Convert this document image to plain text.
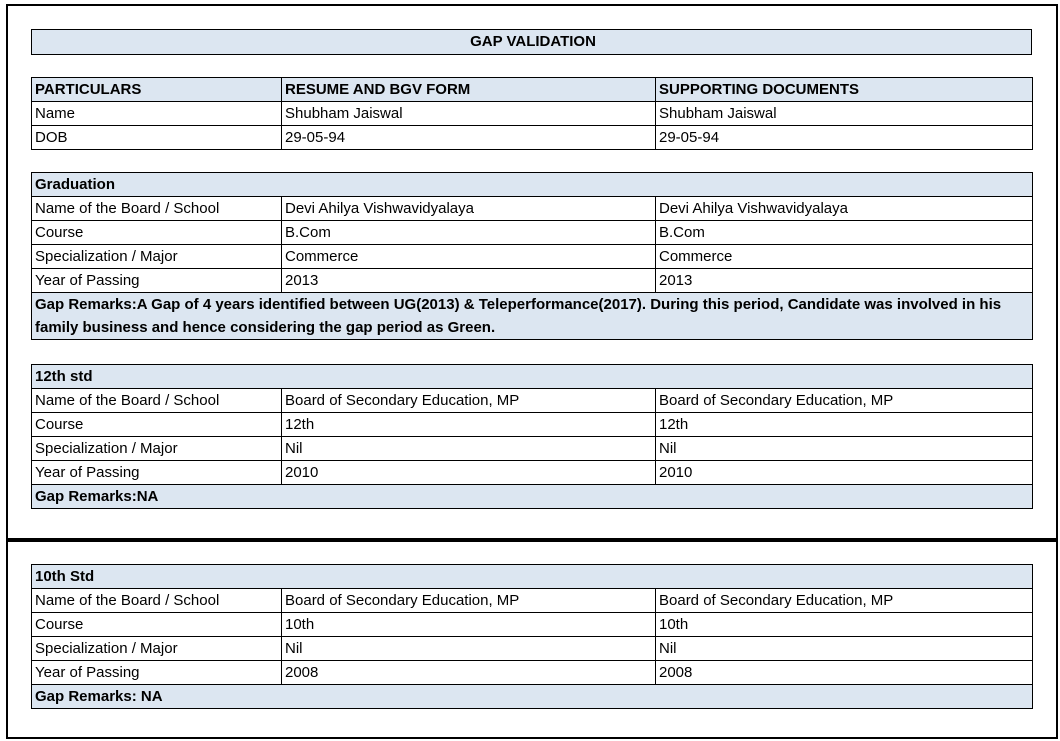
GAP VALIDATION
PARTICULARS	RESUME AND BGV FORM	SUPPORTING DOCUMENTS
Name	Shubham Jaiswal	Shubham Jaiswal
DOB	29-05-94	29-05-94
Graduation		
Name of the Board / School	Devi Ahilya Vishwavidyalaya	Devi Ahilya Vishwavidyalaya
Course	B.Com	B.Com
Specialization / Major	Commerce	Commerce
Year of Passing	2013	2013
Gap Remarks:A Gap of 4 years identified between UG(2013) & Teleperformance(2017). During this period, Candidate was involved in his family business and hence considering the gap period as Green.		
12th std		
Name of the Board / School	Board of Secondary Education, MP	Board of Secondary Education, MP
Course	12th	12th
Specialization / Major	Nil	Nil
Year of Passing	2010	2010
Gap Remarks:NA		
10th Std		
Name of the Board / School	Board of Secondary Education, MP	Board of Secondary Education, MP
Course	10th	10th
Specialization / Major	Nil	Nil
Year of Passing	2008	2008
Gap Remarks: NA		
